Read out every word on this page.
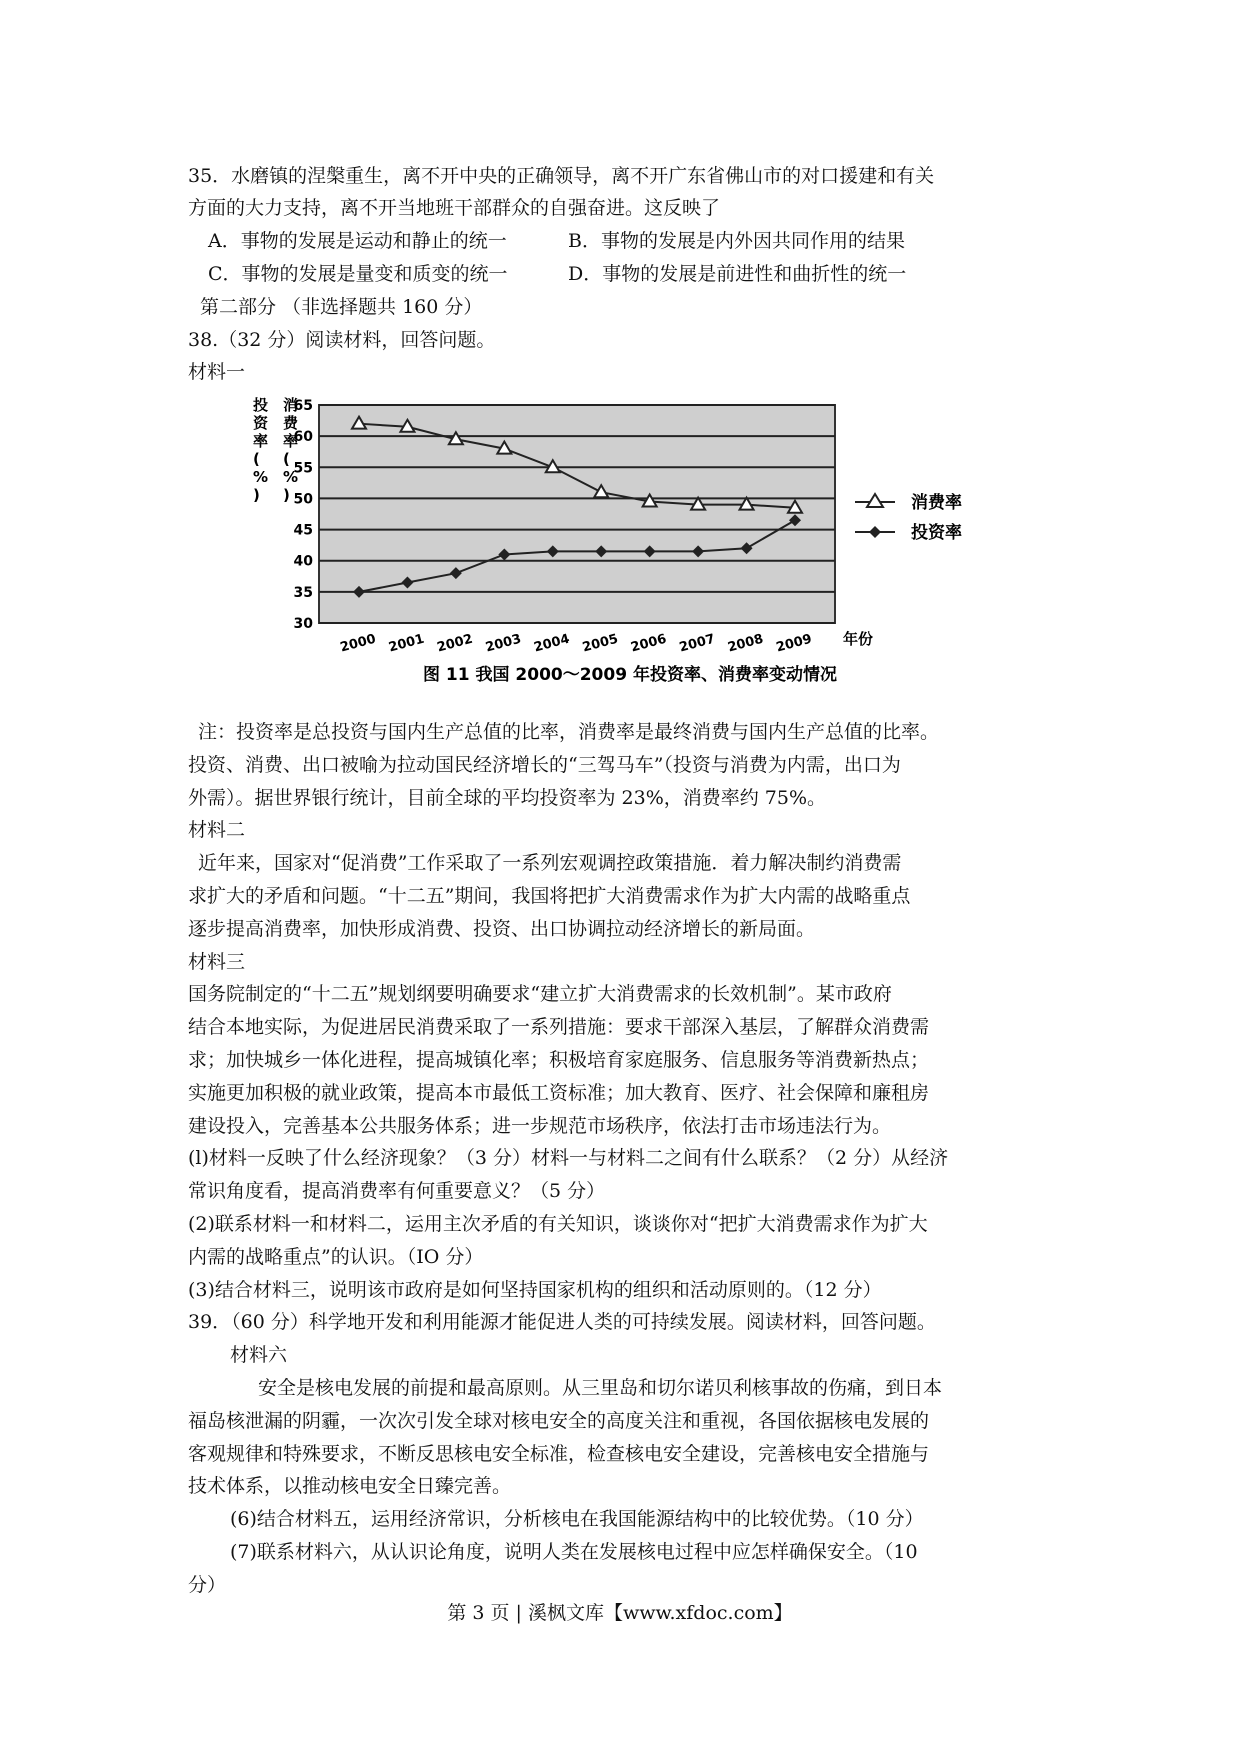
35．水磨镇的涅槃重生，离不开中央的正确领导，离不开广东省佛山市的对口援建和有关
方面的大力支持，离不开当地班干部群众的自强奋进。这反映了
A．事物的发展是运动和静止的统一	B．事物的发展是内外因共同作用的结果
C．事物的发展是量变和质变的统一	D．事物的发展是前进性和曲折性的统一
第二部分 （非选择题共 160 分）
38.（32 分）阅读材料，回答问题。
材料一
65
60
55
50
45
40
35
30
2000 2001 2002 2003 2004 2005 2006 2007 2008 2009
投资率( % )
消费率( % )
年份
消费率
投资率
图 11 我国 2000～2009 年投资率、消费率变动情况
注：投资率是总投资与国内生产总值的比率，消费率是最终消费与国内生产总值的比率。
投资、消费、出口被喻为拉动国民经济增长的“三驾马车”（投资与消费为内需，出口为
外需）。据世界银行统计，目前全球的平均投资率为 23%，消费率约 75%。
材料二
近年来，国家对“促消费”工作采取了一系列宏观调控政策措施．着力解决制约消费需
求扩大的矛盾和问题。“十二五”期间，我国将把扩大消费需求作为扩大内需的战略重点
逐步提高消费率，加快形成消费、投资、出口协调拉动经济增长的新局面。
材料三
国务院制定的“十二五”规划纲要明确要求“建立扩大消费需求的长效机制”。某市政府
结合本地实际，为促进居民消费采取了一系列措施：要求干部深入基层，了解群众消费需
求；加快城乡一体化进程，提高城镇化率；积极培育家庭服务、信息服务等消费新热点；
实施更加积极的就业政策，提高本市最低工资标准；加大教育、医疗、社会保障和廉租房
建设投入，完善基本公共服务体系；进一步规范市场秩序，依法打击市场违法行为。
(l)材料一反映了什么经济现象？（3 分）材料一与材料二之间有什么联系？（2 分）从经济
常识角度看，提高消费率有何重要意义？（5 分）
(2)联系材料一和材料二，运用主次矛盾的有关知识，谈谈你对“把扩大消费需求作为扩大
内需的战略重点”的认识。（IO 分）
(3)结合材料三，说明该市政府是如何坚持国家机构的组织和活动原则的。（12 分）
39．（60 分）科学地开发和利用能源才能促进人类的可持续发展。阅读材料，回答问题。
材料六
安全是核电发展的前提和最高原则。从三里岛和切尔诺贝利核事故的伤痛，到日本
福岛核泄漏的阴霾，一次次引发全球对核电安全的高度关注和重视，各国依据核电发展的
客观规律和特殊要求，不断反思核电安全标准，检查核电安全建设，完善核电安全措施与
技术体系，以推动核电安全日臻完善。
(6)结合材料五，运用经济常识，分析核电在我国能源结构中的比较优势。（10 分）
(7)联系材料六，从认识论角度，说明人类在发展核电过程中应怎样确保安全。（10
分）
第 3 页 | 溪枫文库【www.xfdoc.com】
